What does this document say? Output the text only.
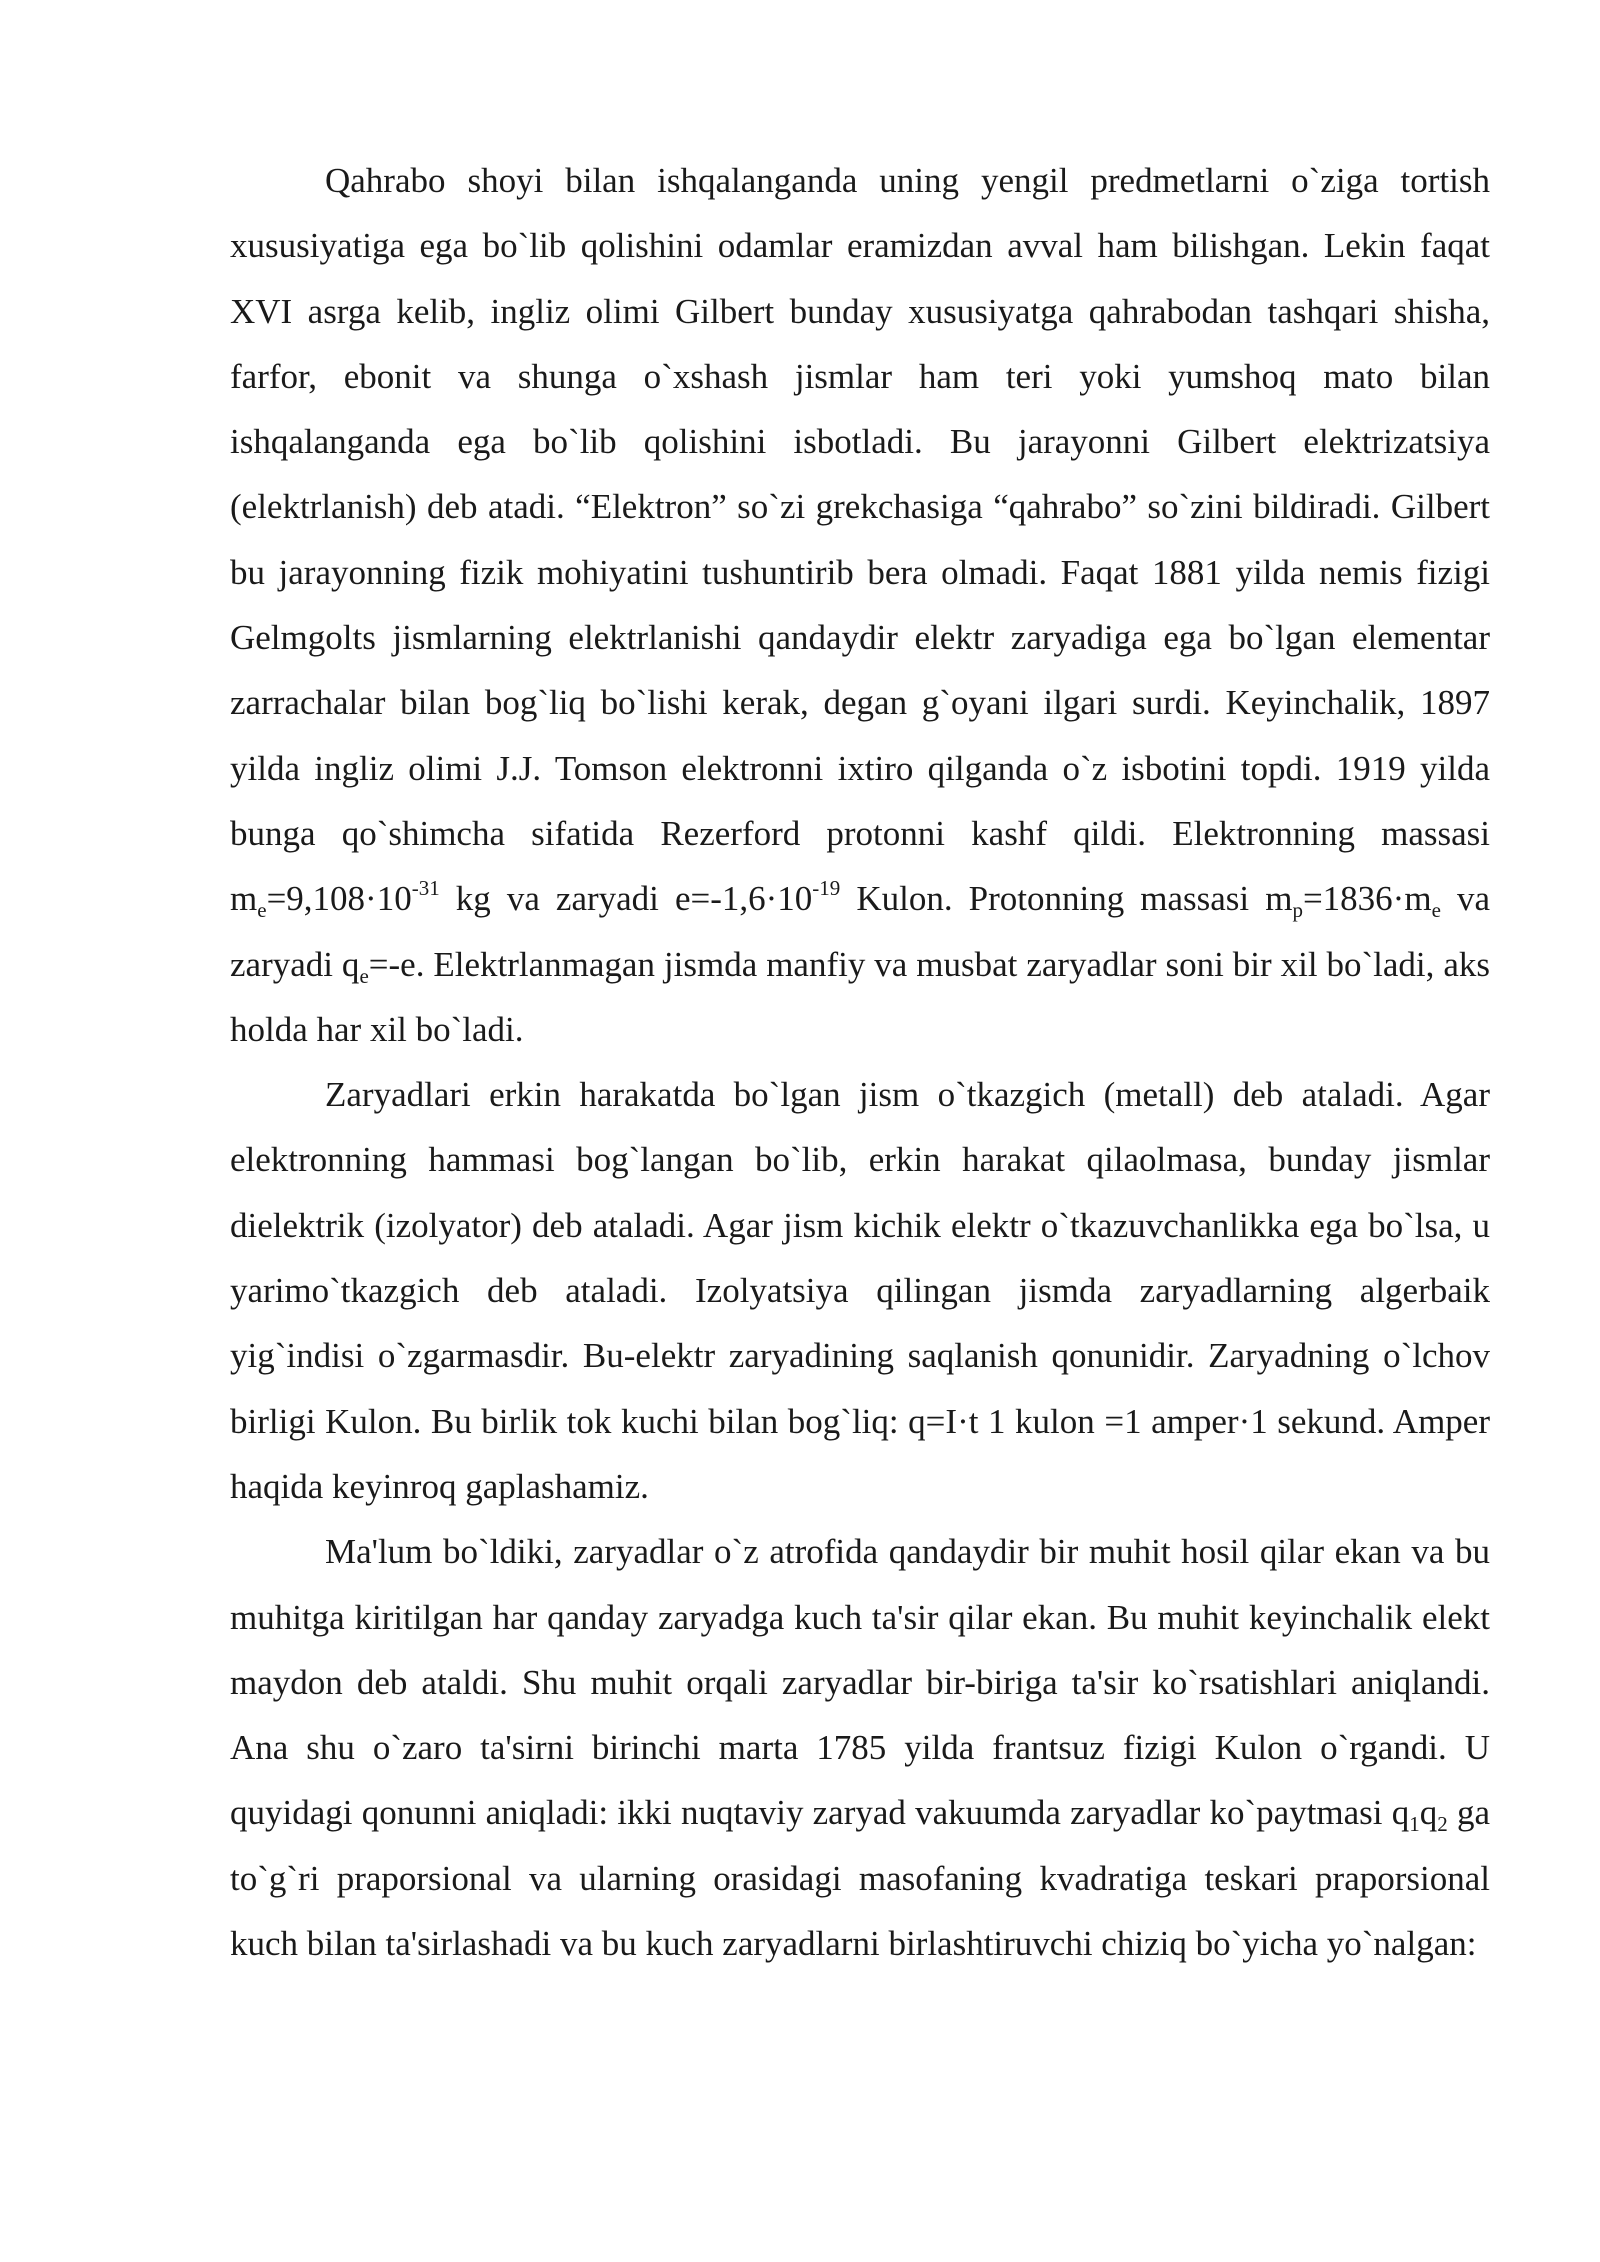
Qahrabo shoyi bilan ishqalanganda uning yengil predmetlarni o`ziga tortish xususiyatiga ega bo`lib qolishini odamlar eramizdan avval ham bilishgan. Lekin faqat XVI asrga kelib, ingliz olimi Gilbert bunday xususiyatga qahrabodan tashqari shisha, farfor, ebonit va shunga o`xshash jismlar ham teri yoki yumshoq mato bilan ishqalanganda ega bo`lib qolishini isbotladi. Bu jarayonni Gilbert elektrizatsiya (elektrlanish) deb atadi. “Elektron” so`zi grekchasiga “qahrabo” so`zini bildiradi. Gilbert bu jarayonning fizik mohiyatini tushuntirib bera olmadi. Faqat 1881 yilda nemis fizigi Gelmgolts jismlarning elektrlanishi qandaydir elektr zaryadiga ega bo`lgan elementar zarrachalar bilan bog`liq bo`lishi kerak, degan g`oyani ilgari surdi. Keyinchalik, 1897 yilda ingliz olimi J.J. Tomson elektronni ixtiro qilganda o`z isbotini topdi. 1919 yilda bunga qo`shimcha sifatida Rezerford protonni kashf qildi. Elektronning massasi $m_e=9,108\cdot 10^{-31}$ kg va zaryadi $e=-1,6\cdot 10^{-19}$ Kulon. Protonning massasi $m_p=1836\cdot m_e$ va zaryadi $q_e=-e$. Elektrlanmagan jismda manfiy va musbat zaryadlar soni bir xil bo`ladi, aks holda har xil bo`ladi.

Zaryadlari erkin harakatda bo`lgan jism o`tkazgich (metall) deb ataladi. Agar elektronning hammasi bog`langan bo`lib, erkin harakat qilaolmasa, bunday jismlar dielektrik (izolyator) deb ataladi. Agar jism kichik elektr o`tkazuvchanlikka ega bo`lsa, u yarimo`tkazgich deb ataladi. Izolyatsiya qilingan jismda zaryadlarning algerbaik yig`indisi o`zgarmasdir. Bu-elektr zaryadining saqlanish qonunidir. Zaryadning o`lchov birligi Kulon. Bu birlik tok kuchi bilan bog`liq: q=I·t 1 kulon =1 amper·1 sekund. Amper haqida keyinroq gaplashamiz.

Ma'lum bo`ldiki, zaryadlar o`z atrofida qandaydir bir muhit hosil qilar ekan va bu muhitga kiritilgan har qanday zaryadga kuch ta'sir qilar ekan. Bu muhit keyinchalik elekt maydon deb ataldi. Shu muhit orqali zaryadlar bir-biriga ta'sir ko`rsatishlari aniqlandi. Ana shu o`zaro ta'sirni birinchi marta 1785 yilda frantsuz fizigi Kulon o`rgandi. U quyidagi qonunni aniqladi: ikki nuqtaviy zaryad vakuumda zaryadlar ko`paytmasi $q_1q_2$ ga to`g`ri praporsional va ularning orasidagi masofaning kvadratiga teskari praporsional kuch bilan ta'sirlashadi va bu kuch zaryadlarni birlashtiruvchi chiziq bo`yicha yo`nalgan:
